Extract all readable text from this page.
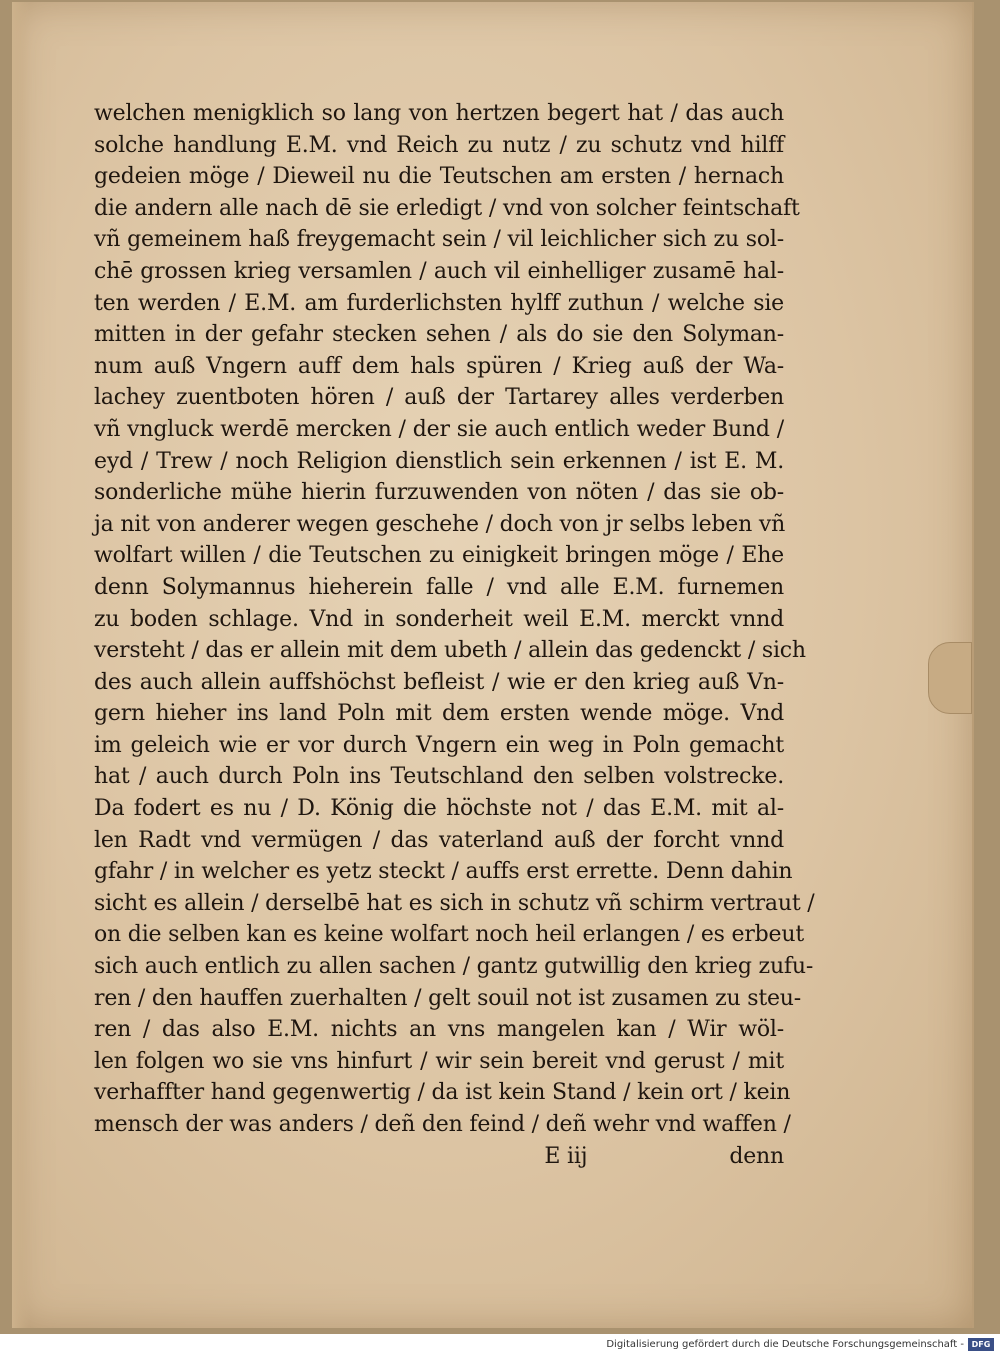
welchen menigklich so lang von hertzen begert hat / das auch
solche handlung E.M. vnd Reich zu nutz / zu schutz vnd hilff
gedeien möge / Dieweil nu die Teutschen am ersten / hernach
die andern alle nach dē sie erledigt / vnd von solcher feintschaft
vñ gemeinem haß freygemacht sein / vil leichlicher sich zu sol-
chē grossen krieg versamlen / auch vil einhelliger zusamē hal-
ten werden / E.M. am furderlichsten hylff zuthun / welche sie
mitten in der gefahr stecken sehen / als do sie den Solyman-
num auß Vngern auff dem hals spüren / Krieg auß der Wa-
lachey zuentboten hören / auß der Tartarey alles verderben
vñ vngluck werdē mercken / der sie auch entlich weder Bund /
eyd / Trew / noch Religion dienstlich sein erkennen / ist E. M.
sonderliche mühe hierin furzuwenden von nöten / das sie ob-
ja nit von anderer wegen geschehe / doch von jr selbs leben vñ
wolfart willen / die Teutschen zu einigkeit bringen möge / Ehe
denn Solymannus hieherein falle / vnd alle E.M. furnemen
zu boden schlage. Vnd in sonderheit weil E.M. merckt vnnd
versteht / das er allein mit dem ubeth / allein das gedenckt / sich
des auch allein auffshöchst befleist / wie er den krieg auß Vn-
gern hieher ins land Poln mit dem ersten wende möge. Vnd
im geleich wie er vor durch Vngern ein weg in Poln gemacht
hat / auch durch Poln ins Teutschland den selben volstrecke.
Da fodert es nu / D. König die höchste not / das E.M. mit al-
len Radt vnd vermügen / das vaterland auß der forcht vnnd
gfahr / in welcher es yetz steckt / auffs erst errette. Denn dahin
sicht es allein / derselbē hat es sich in schutz vñ schirm vertraut /
on die selben kan es keine wolfart noch heil erlangen / es erbeut
sich auch entlich zu allen sachen / gantz gutwillig den krieg zufu-
ren / den hauffen zuerhalten / gelt souil not ist zusamen zu steu-
ren / das also E.M. nichts an vns mangelen kan / Wir wöl-
len folgen wo sie vns hinfurt / wir sein bereit vnd gerust / mit
verhaffter hand gegenwertig / da ist kein Stand / kein ort / kein
mensch der was anders / deñ den feind / deñ wehr vnd waffen /
E iij	denn
Digitalisierung gefördert durch die Deutsche Forschungsgemeinschaft - DFG
